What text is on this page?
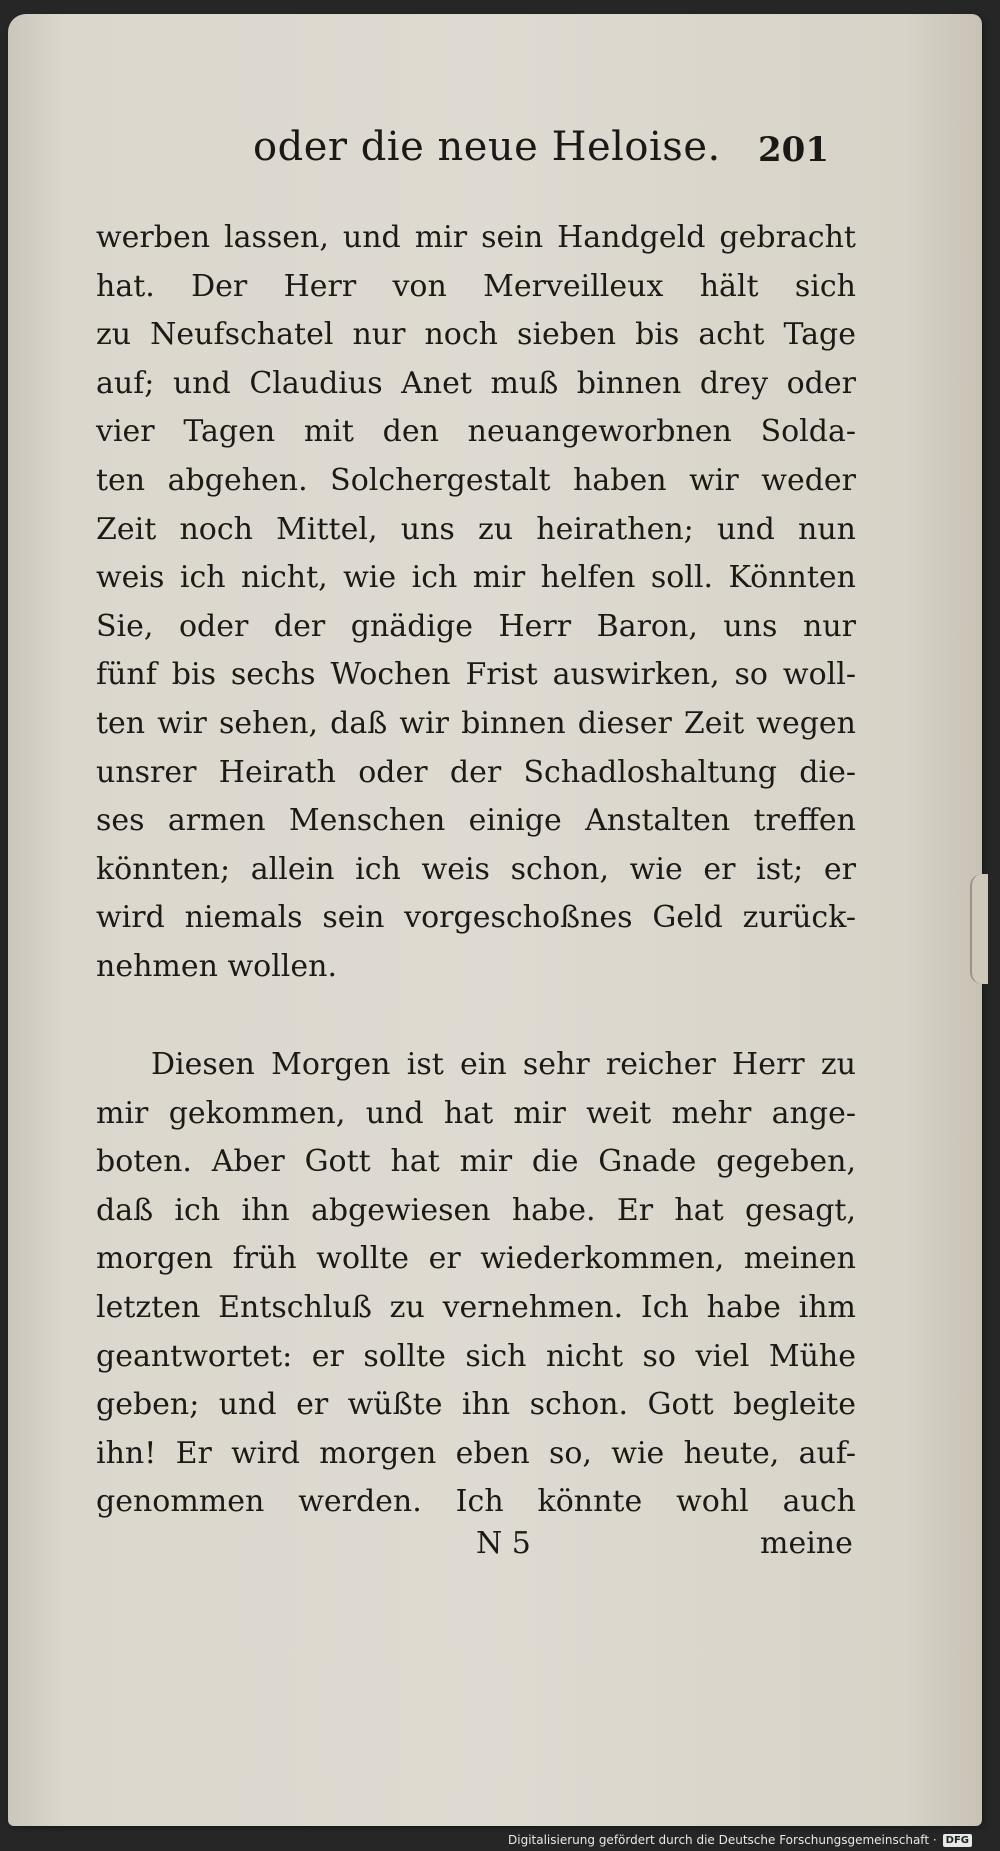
oder die neue Heloise. 201
werben lassen, und mir sein Handgeld gebracht
hat. Der Herr von Merveilleux hält sich
zu Neufschatel nur noch sieben bis acht Tage
auf; und Claudius Anet muß binnen drey oder
vier Tagen mit den neuangeworbnen Solda-
ten abgehen. Solchergestalt haben wir weder
Zeit noch Mittel, uns zu heirathen; und nun
weis ich nicht, wie ich mir helfen soll. Könnten
Sie, oder der gnädige Herr Baron, uns nur
fünf bis sechs Wochen Frist auswirken, so woll-
ten wir sehen, daß wir binnen dieser Zeit wegen
unsrer Heirath oder der Schadloshaltung die-
ses armen Menschen einige Anstalten treffen
könnten; allein ich weis schon, wie er ist; er
wird niemals sein vorgeschoßnes Geld zurück-
nehmen wollen.
Diesen Morgen ist ein sehr reicher Herr zu
mir gekommen, und hat mir weit mehr ange-
boten. Aber Gott hat mir die Gnade gegeben,
daß ich ihn abgewiesen habe. Er hat gesagt,
morgen früh wollte er wiederkommen, meinen
letzten Entschluß zu vernehmen. Ich habe ihm
geantwortet: er sollte sich nicht so viel Mühe
geben; und er wüßte ihn schon. Gott begleite
ihn! Er wird morgen eben so, wie heute, auf-
genommen werden. Ich könnte wohl auch
N 5	meine
Digitalisierung gefördert durch die Deutsche Forschungsgemeinschaft · DFG
